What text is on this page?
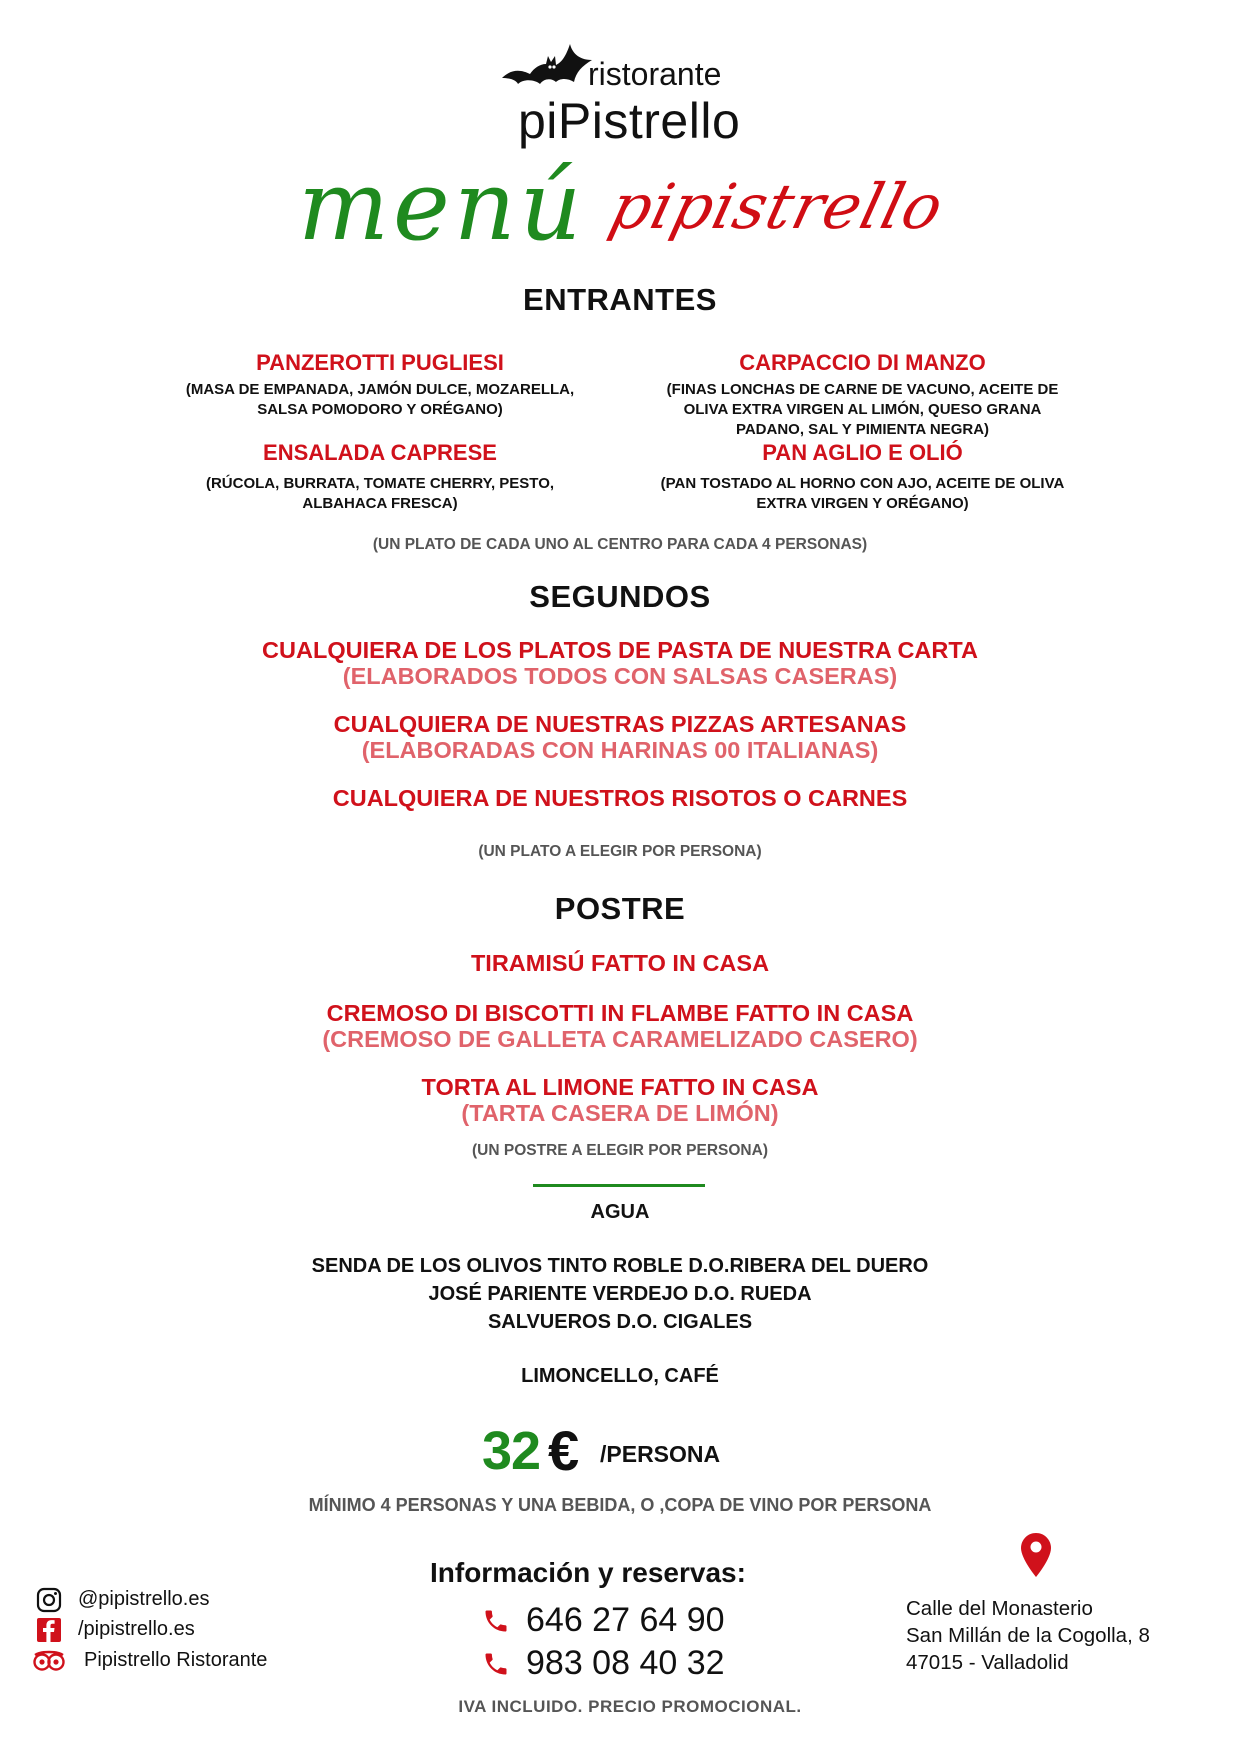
ristorante
piPistrello
menú pipistrello
ENTRANTES
PANZEROTTI PUGLIESI
(MASA DE EMPANADA, JAMÓN DULCE, MOZARELLA,
SALSA POMODORO Y ORÉGANO)
CARPACCIO DI MANZO
(FINAS LONCHAS DE CARNE DE VACUNO, ACEITE DE
OLIVA EXTRA VIRGEN AL LIMÓN, QUESO GRANA
PADANO, SAL Y PIMIENTA NEGRA)
ENSALADA CAPRESE
(RÚCOLA, BURRATA, TOMATE CHERRY, PESTO,
ALBAHACA FRESCA)
PAN AGLIO E OLIÓ
(PAN TOSTADO AL HORNO CON AJO, ACEITE DE OLIVA
EXTRA VIRGEN Y ORÉGANO)
(UN PLATO DE CADA UNO AL CENTRO PARA CADA 4 PERSONAS)
SEGUNDOS
CUALQUIERA DE LOS PLATOS DE PASTA DE NUESTRA CARTA
(ELABORADOS TODOS CON SALSAS CASERAS)
CUALQUIERA DE NUESTRAS PIZZAS ARTESANAS
(ELABORADAS CON HARINAS 00 ITALIANAS)
CUALQUIERA DE NUESTROS RISOTOS O CARNES
(UN PLATO A ELEGIR POR PERSONA)
POSTRE
TIRAMISÚ FATTO IN CASA
CREMOSO DI BISCOTTI IN FLAMBE FATTO IN CASA
(CREMOSO DE GALLETA CARAMELIZADO CASERO)
TORTA AL LIMONE FATTO IN CASA
(TARTA CASERA DE LIMÓN)
(UN POSTRE A ELEGIR POR PERSONA)
AGUA
SENDA DE LOS OLIVOS TINTO ROBLE D.O.RIBERA DEL DUERO
JOSÉ PARIENTE VERDEJO D.O. RUEDA
SALVUEROS D.O. CIGALES
LIMONCELLO, CAFÉ
32 € /PERSONA
MÍNIMO 4 PERSONAS Y UNA BEBIDA, O ,COPA DE VINO POR PERSONA
@pipistrello.es
/pipistrello.es
Pipistrello Ristorante
Información y reservas:
646 27 64 90
983 08 40 32
Calle del Monasterio
San Millán de la Cogolla, 8
47015 - Valladolid
IVA INCLUIDO. PRECIO PROMOCIONAL.
